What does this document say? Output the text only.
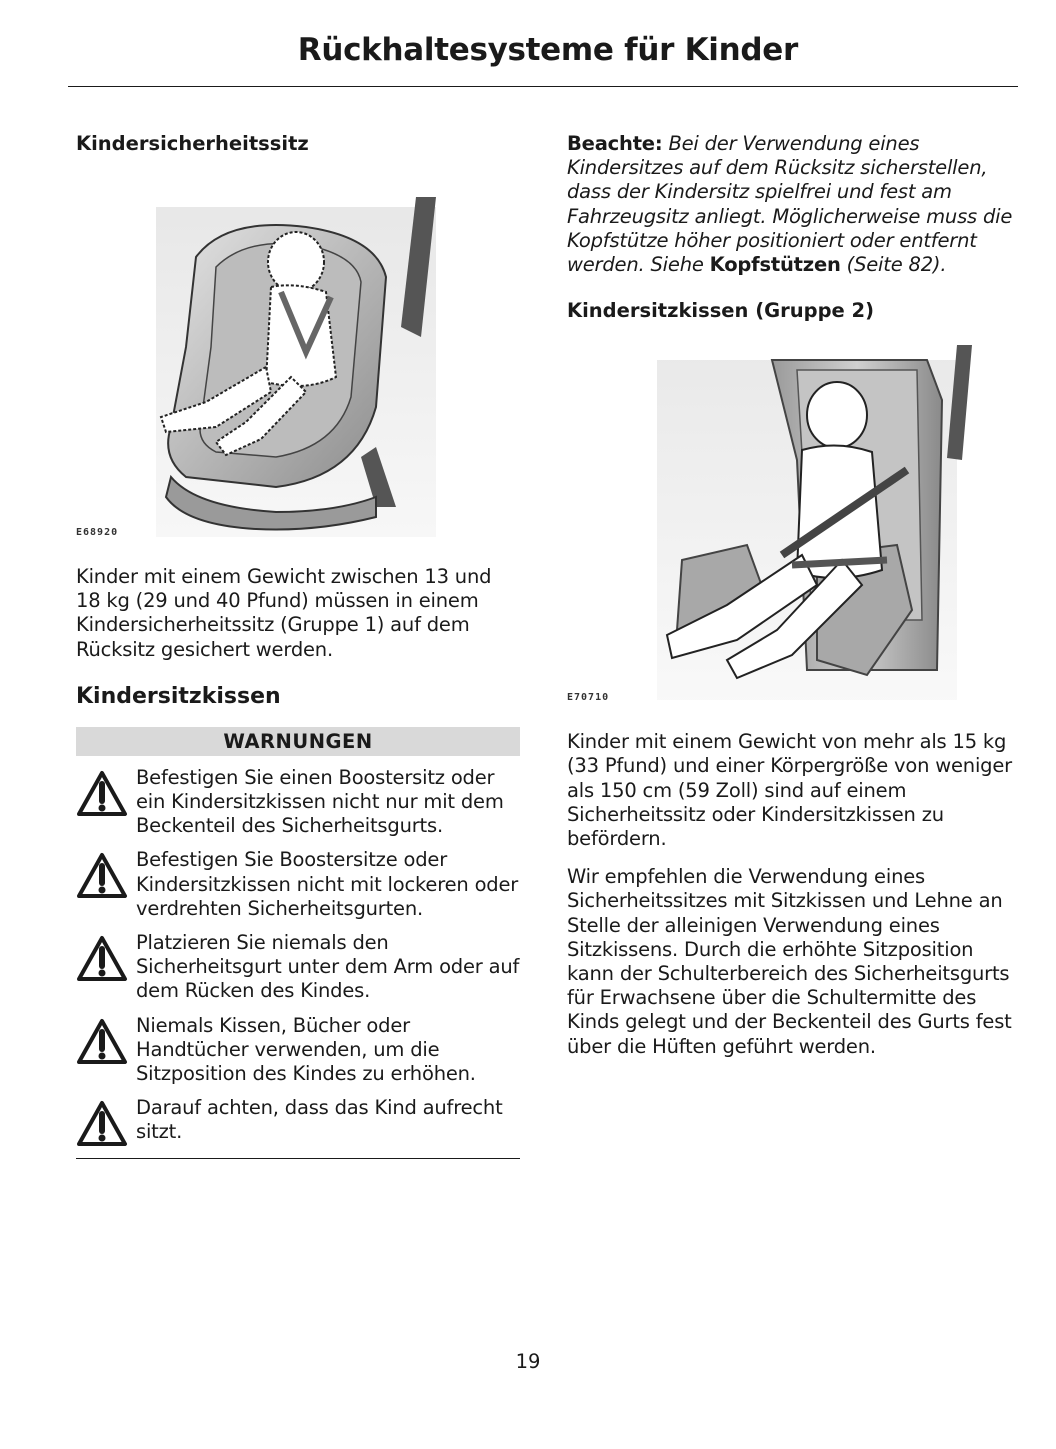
Rückhaltesysteme für Kinder
Kindersicherheitssitz
E68920

Kinder mit einem Gewicht zwischen 13 und 18 kg (29 und 40 Pfund) müssen in einem Kindersicherheitssitz (Gruppe 1) auf dem Rücksitz gesichert werden.

Kindersitzkissen
WARNUNGEN
Befestigen Sie einen Boostersitz oder ein Kindersitzkissen nicht nur mit dem Beckenteil des Sicherheitsgurts.
Befestigen Sie Boostersitze oder Kindersitzkissen nicht mit lockeren oder verdrehten Sicherheitsgurten.
Platzieren Sie niemals den Sicherheitsgurt unter dem Arm oder auf dem Rücken des Kindes.
Niemals Kissen, Bücher oder Handtücher verwenden, um die Sitzposition des Kindes zu erhöhen.
Darauf achten, dass das Kind aufrecht sitzt.

Beachte: Bei der Verwendung eines Kindersitzes auf dem Rücksitz sicherstellen, dass der Kindersitz spielfrei und fest am Fahrzeugsitz anliegt. Möglicherweise muss die Kopfstütze höher positioniert oder entfernt werden. Siehe Kopfstützen (Seite 82).

Kindersitzkissen (Gruppe 2)
E70710

Kinder mit einem Gewicht von mehr als 15 kg (33 Pfund) und einer Körpergröße von weniger als 150 cm (59 Zoll) sind auf einem Sicherheitssitz oder Kindersitzkissen zu befördern.

Wir empfehlen die Verwendung eines Sicherheitssitzes mit Sitzkissen und Lehne an Stelle der alleinigen Verwendung eines Sitzkissens. Durch die erhöhte Sitzposition kann der Schulterbereich des Sicherheitsgurts für Erwachsene über die Schultermitte des Kinds gelegt und der Beckenteil des Gurts fest über die Hüften geführt werden.

19
